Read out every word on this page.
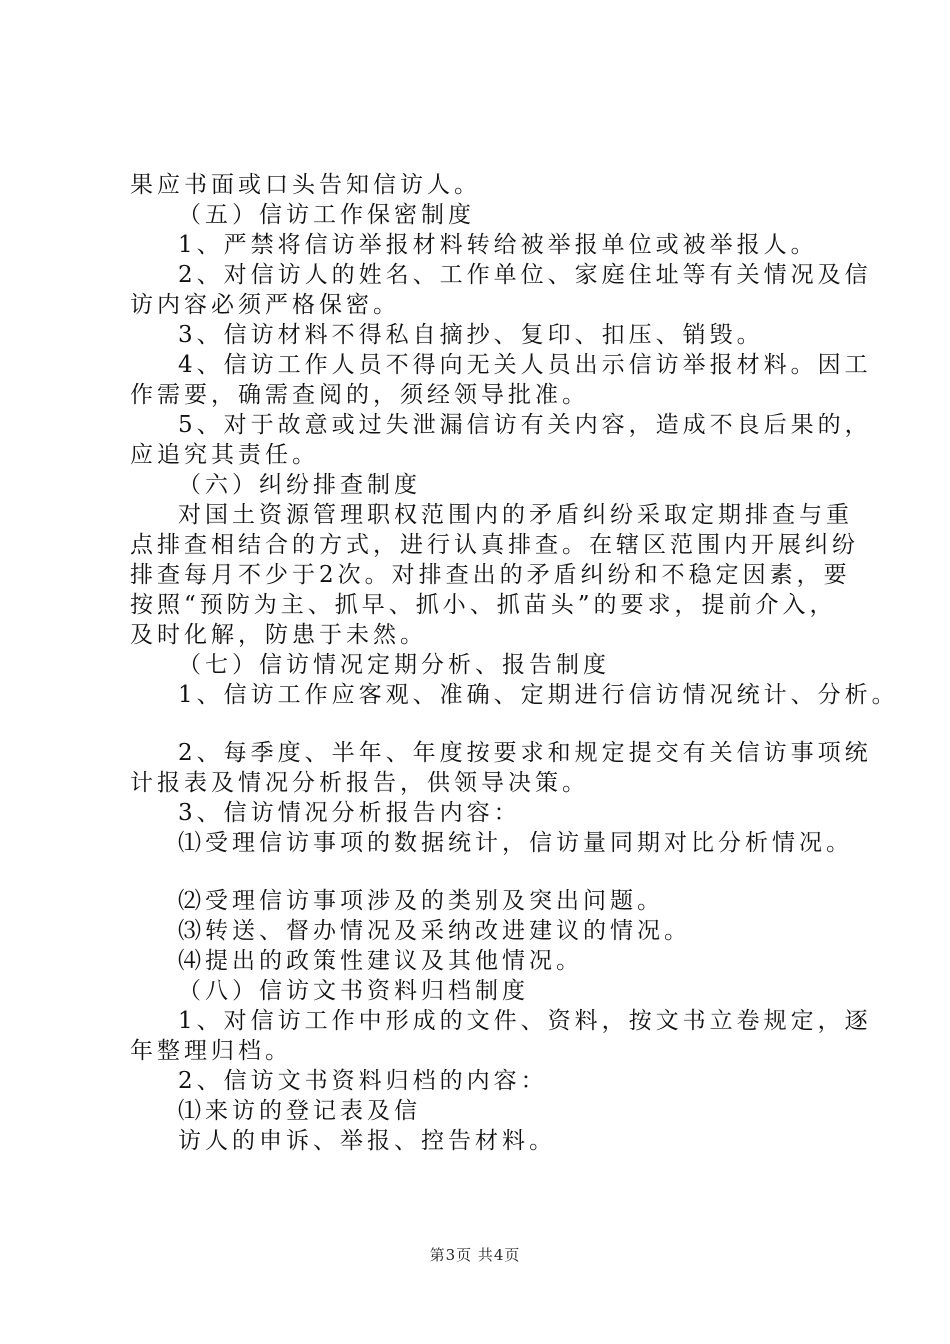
果应书面或口头告知信访人。
（五）信访工作保密制度
1、严禁将信访举报材料转给被举报单位或被举报人。
2、对信访人的姓名、工作单位、家庭住址等有关情况及信
访内容必须严格保密。
3、信访材料不得私自摘抄、复印、扣压、销毁。
4、信访工作人员不得向无关人员出示信访举报材料。因工
作需要，确需查阅的，须经领导批准。
5、对于故意或过失泄漏信访有关内容，造成不良后果的，
应追究其责任。
（六）纠纷排查制度
对国土资源管理职权范围内的矛盾纠纷采取定期排查与重
点排查相结合的方式，进行认真排查。在辖区范围内开展纠纷
排查每月不少于2次。对排查出的矛盾纠纷和不稳定因素，要
按照“预防为主、抓早、抓小、抓苗头”的要求，提前介入，
及时化解，防患于未然。
（七）信访情况定期分析、报告制度
1、信访工作应客观、准确、定期进行信访情况统计、分析。
2、每季度、半年、年度按要求和规定提交有关信访事项统
计报表及情况分析报告，供领导决策。
3、信访情况分析报告内容：
⑴受理信访事项的数据统计，信访量同期对比分析情况。
⑵受理信访事项涉及的类别及突出问题。
⑶转送、督办情况及采纳改进建议的情况。
⑷提出的政策性建议及其他情况。
（八）信访文书资料归档制度
1、对信访工作中形成的文件、资料，按文书立卷规定，逐
年整理归档。
2、信访文书资料归档的内容：
⑴来访的登记表及信
访人的申诉、举报、控告材料。
第3页 共4页
